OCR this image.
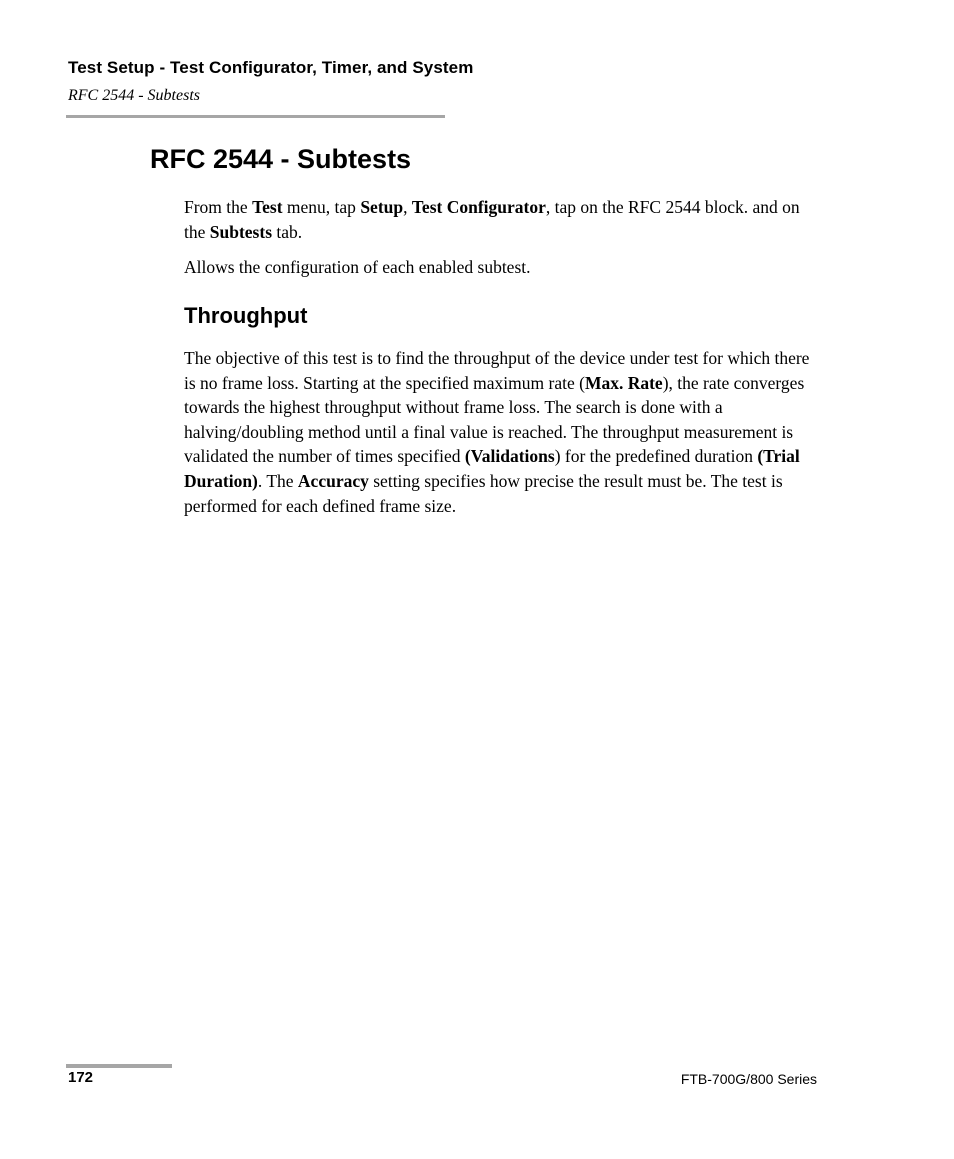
Test Setup - Test Configurator, Timer, and System
RFC 2544 - Subtests
RFC 2544 - Subtests

From the Test menu, tap Setup, Test Configurator, tap on the RFC 2544 block. and on the Subtests tab.

Allows the configuration of each enabled subtest.

Throughput

The objective of this test is to find the throughput of the device under test for which there is no frame loss. Starting at the specified maximum rate (Max. Rate), the rate converges towards the highest throughput without frame loss. The search is done with a halving/doubling method until a final value is reached. The throughput measurement is validated the number of times specified (Validations) for the predefined duration (Trial Duration). The Accuracy setting specifies how precise the result must be. The test is performed for each defined frame size.

172	FTB-700G/800 Series
